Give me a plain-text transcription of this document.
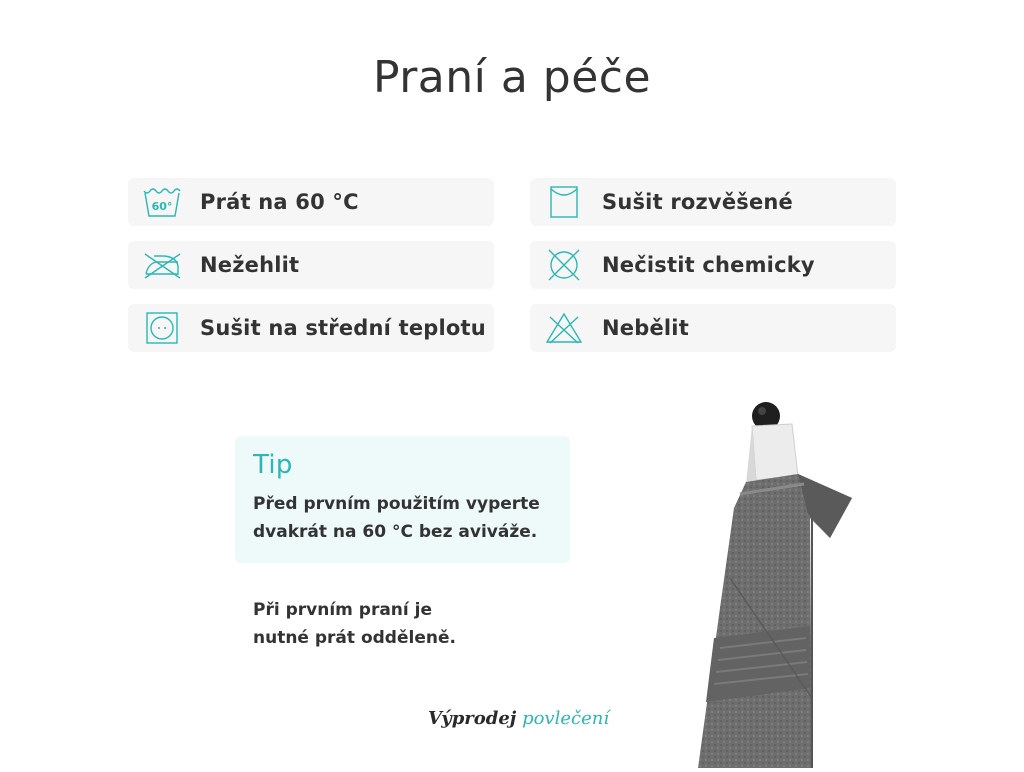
Praní a péče
60° Prát na 60 °C
Nežehlit
Sušit na střední teplotu
Sušit rozvěšené
Nečistit chemicky
Nebělit
Tip
Před prvním použitím vyperte
dvakrát na 60 °C bez aviváže.
Při prvním praní je
nutné prát odděleně.
Výprodej povlečení
